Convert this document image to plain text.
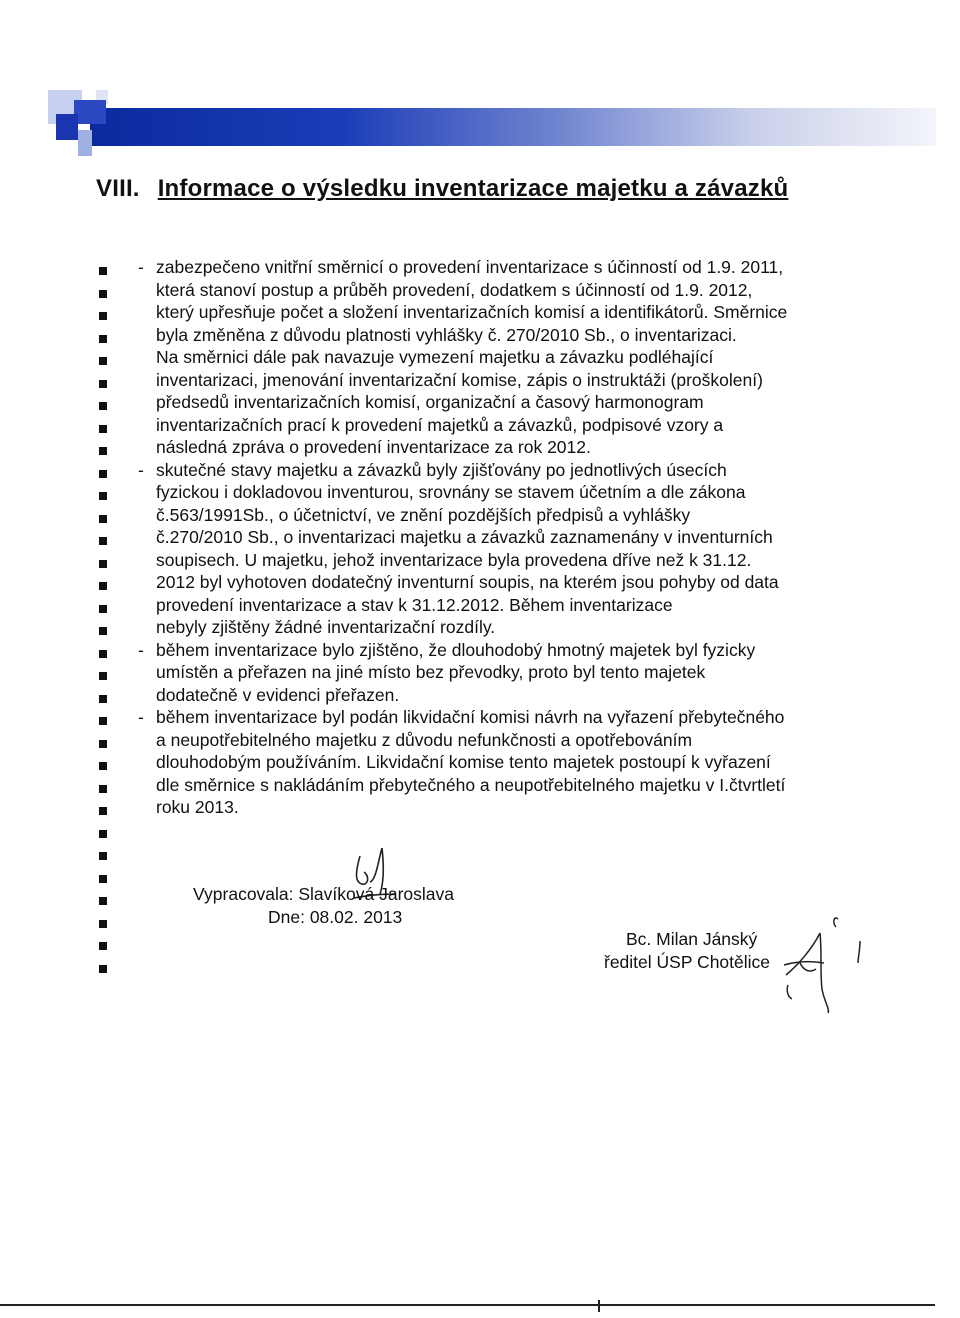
VIII. Informace o výsledku inventarizace majetku a závazků

- zabezpečeno vnitřní směrnicí o provedení inventarizace s účinností od 1.9. 2011,
která stanoví postup a průběh provedení, dodatkem s účinností od 1.9. 2012,
který upřesňuje počet a složení inventarizačních komisí a identifikátorů. Směrnice
byla změněna z důvodu platnosti vyhlášky č. 270/2010 Sb., o inventarizaci.
Na směrnici dále pak navazuje vymezení majetku a závazku podléhající
inventarizaci, jmenování inventarizační komise, zápis o instruktáži (proškolení)
předsedů inventarizačních komisí, organizační a časový harmonogram
inventarizačních prací k provedení majetků a závazků, podpisové vzory a
následná zpráva o provedení inventarizace za rok 2012.

- skutečné stavy majetku a závazků byly zjišťovány po jednotlivých úsecích
fyzickou i dokladovou inventurou, srovnány se stavem účetním a dle zákona
č.563/1991Sb., o účetnictví, ve znění pozdějších předpisů a vyhlášky
č.270/2010 Sb., o inventarizaci majetku a závazků zaznamenány v inventurních
soupisech. U majetku, jehož inventarizace byla provedena dříve než k 31.12.
2012 byl vyhotoven dodatečný inventurní soupis, na kterém jsou pohyby od data
provedení inventarizace a stav k 31.12.2012. Během inventarizace
nebyly zjištěny žádné inventarizační rozdíly.

- během inventarizace bylo zjištěno, že dlouhodobý hmotný majetek byl fyzicky
umístěn a přeřazen na jiné místo bez převodky, proto byl tento majetek
dodatečně v evidenci přeřazen.

- během inventarizace byl podán likvidační komisi návrh na vyřazení přebytečného
a neupotřebitelného majetku z důvodu nefunkčnosti a opotřebováním
dlouhodobým používáním. Likvidační komise tento majetek postoupí k vyřazení
dle směrnice s nakládáním přebytečného a neupotřebitelného majetku v I.čtvrtletí
roku 2013.

Vypracovala: Slavíková Jaroslava
Dne: 08.02. 2013
Bc. Milan Jánský
ředitel ÚSP Chotělice
